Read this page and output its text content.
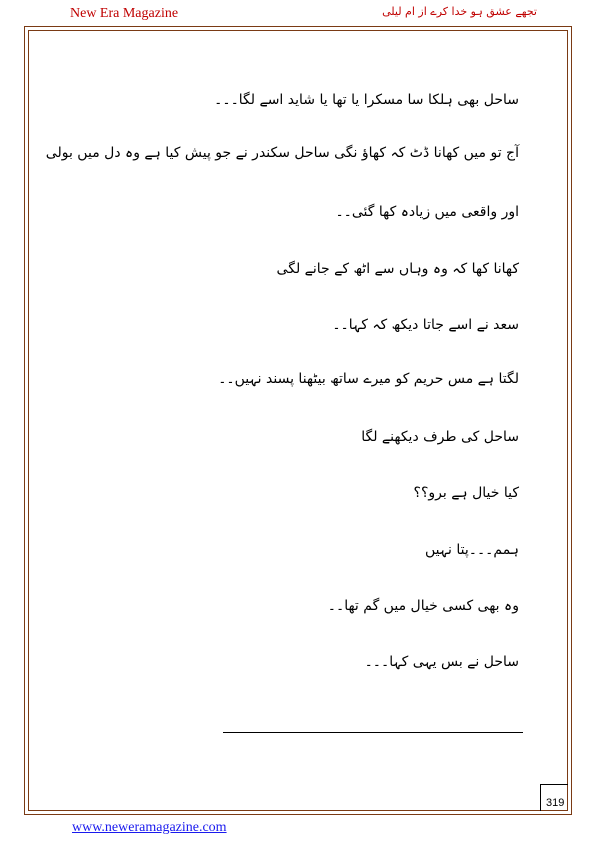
New Era Magazine	تجھے عشق ہو خدا کرے از ام لیلی
ساحل بھی ہلکا سا مسکرا یا تھا یا شاید اسے لگا۔۔۔
آج تو میں کھانا ڈٹ کہ کھاؤ نگی ساحل سکندر نے جو پیش کیا ہے وہ دل میں بولی
اور واقعی میں زیادہ کھا گئی۔۔
کھانا کھا کہ وہ وہاں سے اٹھ کے جانے لگی
سعد نے اسے جاتا دیکھ کہ کہا۔۔
لگتا ہے مس حریم کو میرے ساتھ بیٹھنا پسند نہیں۔۔
ساحل کی طرف دیکھنے لگا
کیا خیال ہے برو؟؟
ہمم۔۔۔پتا نہیں
وہ بھی کسی خیال میں گم تھا۔۔
ساحل نے بس یہی کہا۔۔۔
319
www.neweramagazine.com
